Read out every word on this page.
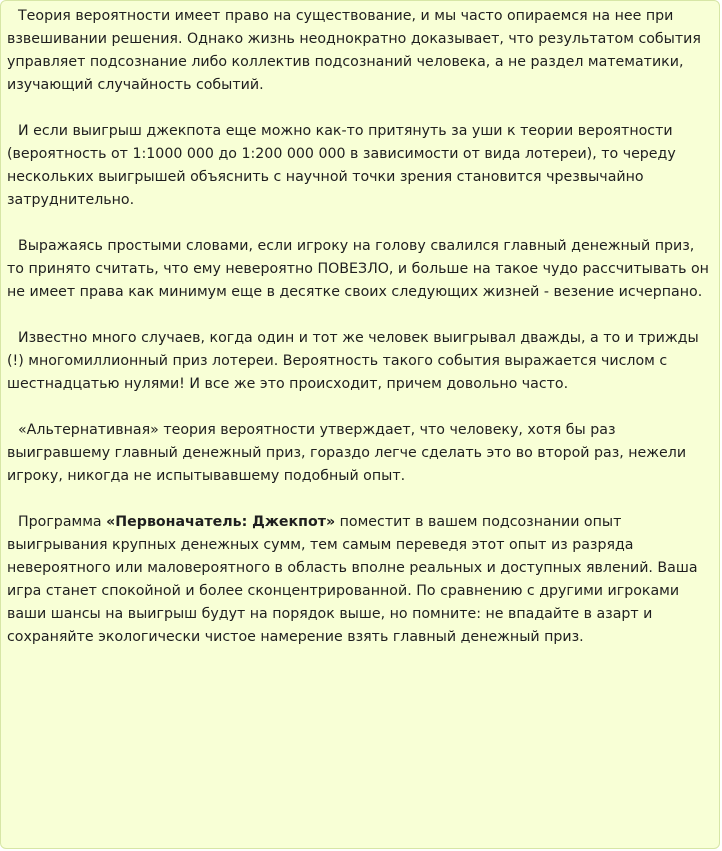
Теория вероятности имеет право на существование, и мы часто опираемся на нее при взвешивании решения. Однако жизнь неоднократно доказывает, что результатом события управляет подсознание либо коллектив подсознаний человека, а не раздел математики, изучающий случайность событий.

И если выигрыш джекпота еще можно как-то притянуть за уши к теории вероятности (вероятность от 1:1000 000 до 1:200 000 000 в зависимости от вида лотереи), то череду нескольких выигрышей объяснить с научной точки зрения становится чрезвычайно затруднительно.

Выражаясь простыми словами, если игроку на голову свалился главный денежный приз, то принято считать, что ему невероятно ПОВЕЗЛО, и больше на такое чудо рассчитывать он не имеет права как минимум еще в десятке своих следующих жизней - везение исчерпано.

Известно много случаев, когда один и тот же человек выигрывал дважды, а то и трижды (!) многомиллионный приз лотереи. Вероятность такого события выражается числом с шестнадцатью нулями! И все же это происходит, причем довольно часто.

«Альтернативная» теория вероятности утверждает, что человеку, хотя бы раз выигравшему главный денежный приз, гораздо легче сделать это во второй раз, нежели игроку, никогда не испытывавшему подобный опыт.

Программа «Первоначатель: Джекпот» поместит в вашем подсознании опыт выигрывания крупных денежных сумм, тем самым переведя этот опыт из разряда невероятного или маловероятного в область вполне реальных и доступных явлений. Ваша игра станет спокойной и более сконцентрированной. По сравнению с другими игроками ваши шансы на выигрыш будут на порядок выше, но помните: не впадайте в азарт и сохраняйте экологически чистое намерение взять главный денежный приз.
